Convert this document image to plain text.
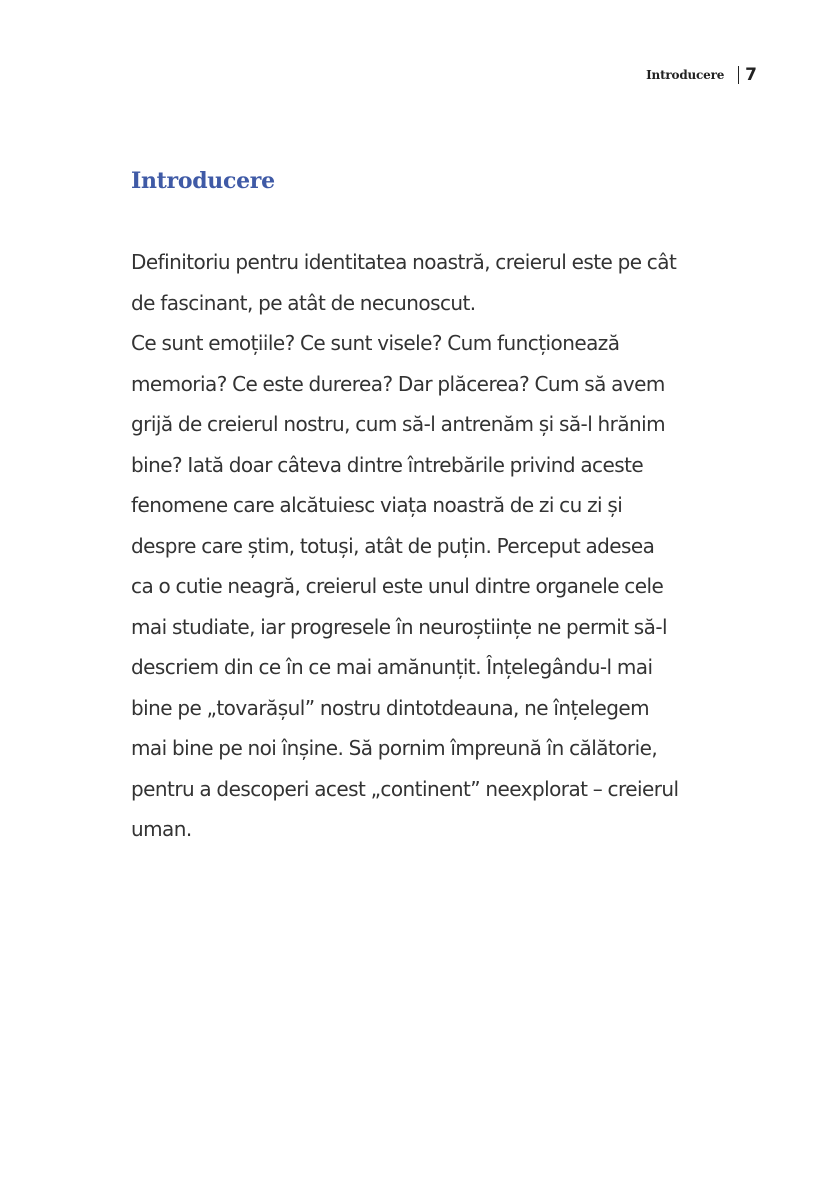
Introducere 7
Introducere

Definitoriu pentru identitatea noastră, creierul este pe cât
de fascinant, pe atât de necunoscut.
Ce sunt emoțiile? Ce sunt visele? Cum funcționează
memoria? Ce este durerea? Dar plăcerea? Cum să avem
grijă de creierul nostru, cum să-l antrenăm și să-l hrănim
bine? Iată doar câteva dintre întrebările privind aceste
fenomene care alcătuiesc viața noastră de zi cu zi și
despre care știm, totuși, atât de puțin. Perceput adesea
ca o cutie neagră, creierul este unul dintre organele cele
mai studiate, iar progresele în neuroștiințe ne permit să-l
descriem din ce în ce mai amănunțit. Înțelegându-l mai
bine pe „tovarășul” nostru dintotdeauna, ne înțelegem
mai bine pe noi înșine. Să pornim împreună în călătorie,
pentru a descoperi acest „continent” neexplorat – creierul
uman.
